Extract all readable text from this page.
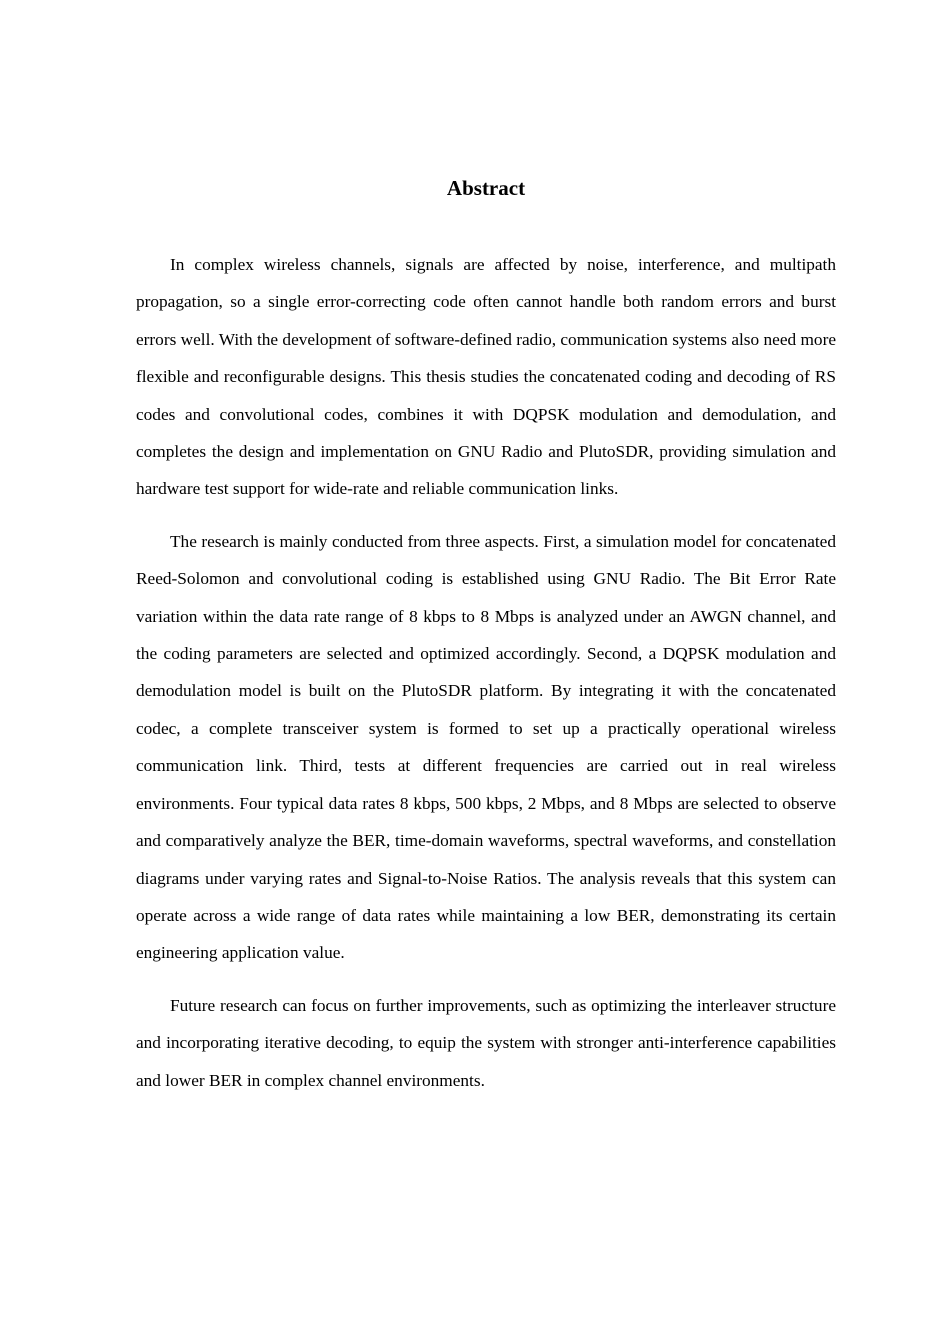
Abstract

In complex wireless channels, signals are affected by noise, interference, and multipath propagation, so a single error-correcting code often cannot handle both random errors and burst errors well. With the development of software-defined radio, communication systems also need more flexible and reconfigurable designs. This thesis studies the concatenated coding and decoding of RS codes and convolutional codes, combines it with DQPSK modulation and demodulation, and completes the design and implementation on GNU Radio and PlutoSDR, providing simulation and hardware test support for wide-rate and reliable communication links.

The research is mainly conducted from three aspects. First, a simulation model for concatenated Reed-Solomon and convolutional coding is established using GNU Radio. The Bit Error Rate variation within the data rate range of 8 kbps to 8 Mbps is analyzed under an AWGN channel, and the coding parameters are selected and optimized accordingly. Second, a DQPSK modulation and demodulation model is built on the PlutoSDR platform. By integrating it with the concatenated codec, a complete transceiver system is formed to set up a practically operational wireless communication link. Third, tests at different frequencies are carried out in real wireless environments. Four typical data rates 8 kbps, 500 kbps, 2 Mbps, and 8 Mbps are selected to observe and comparatively analyze the BER, time-domain waveforms, spectral waveforms, and constellation diagrams under varying rates and Signal-to-Noise Ratios. The analysis reveals that this system can operate across a wide range of data rates while maintaining a low BER, demonstrating its certain engineering application value.

Future research can focus on further improvements, such as optimizing the interleaver structure and incorporating iterative decoding, to equip the system with stronger anti-interference capabilities and lower BER in complex channel environments.
